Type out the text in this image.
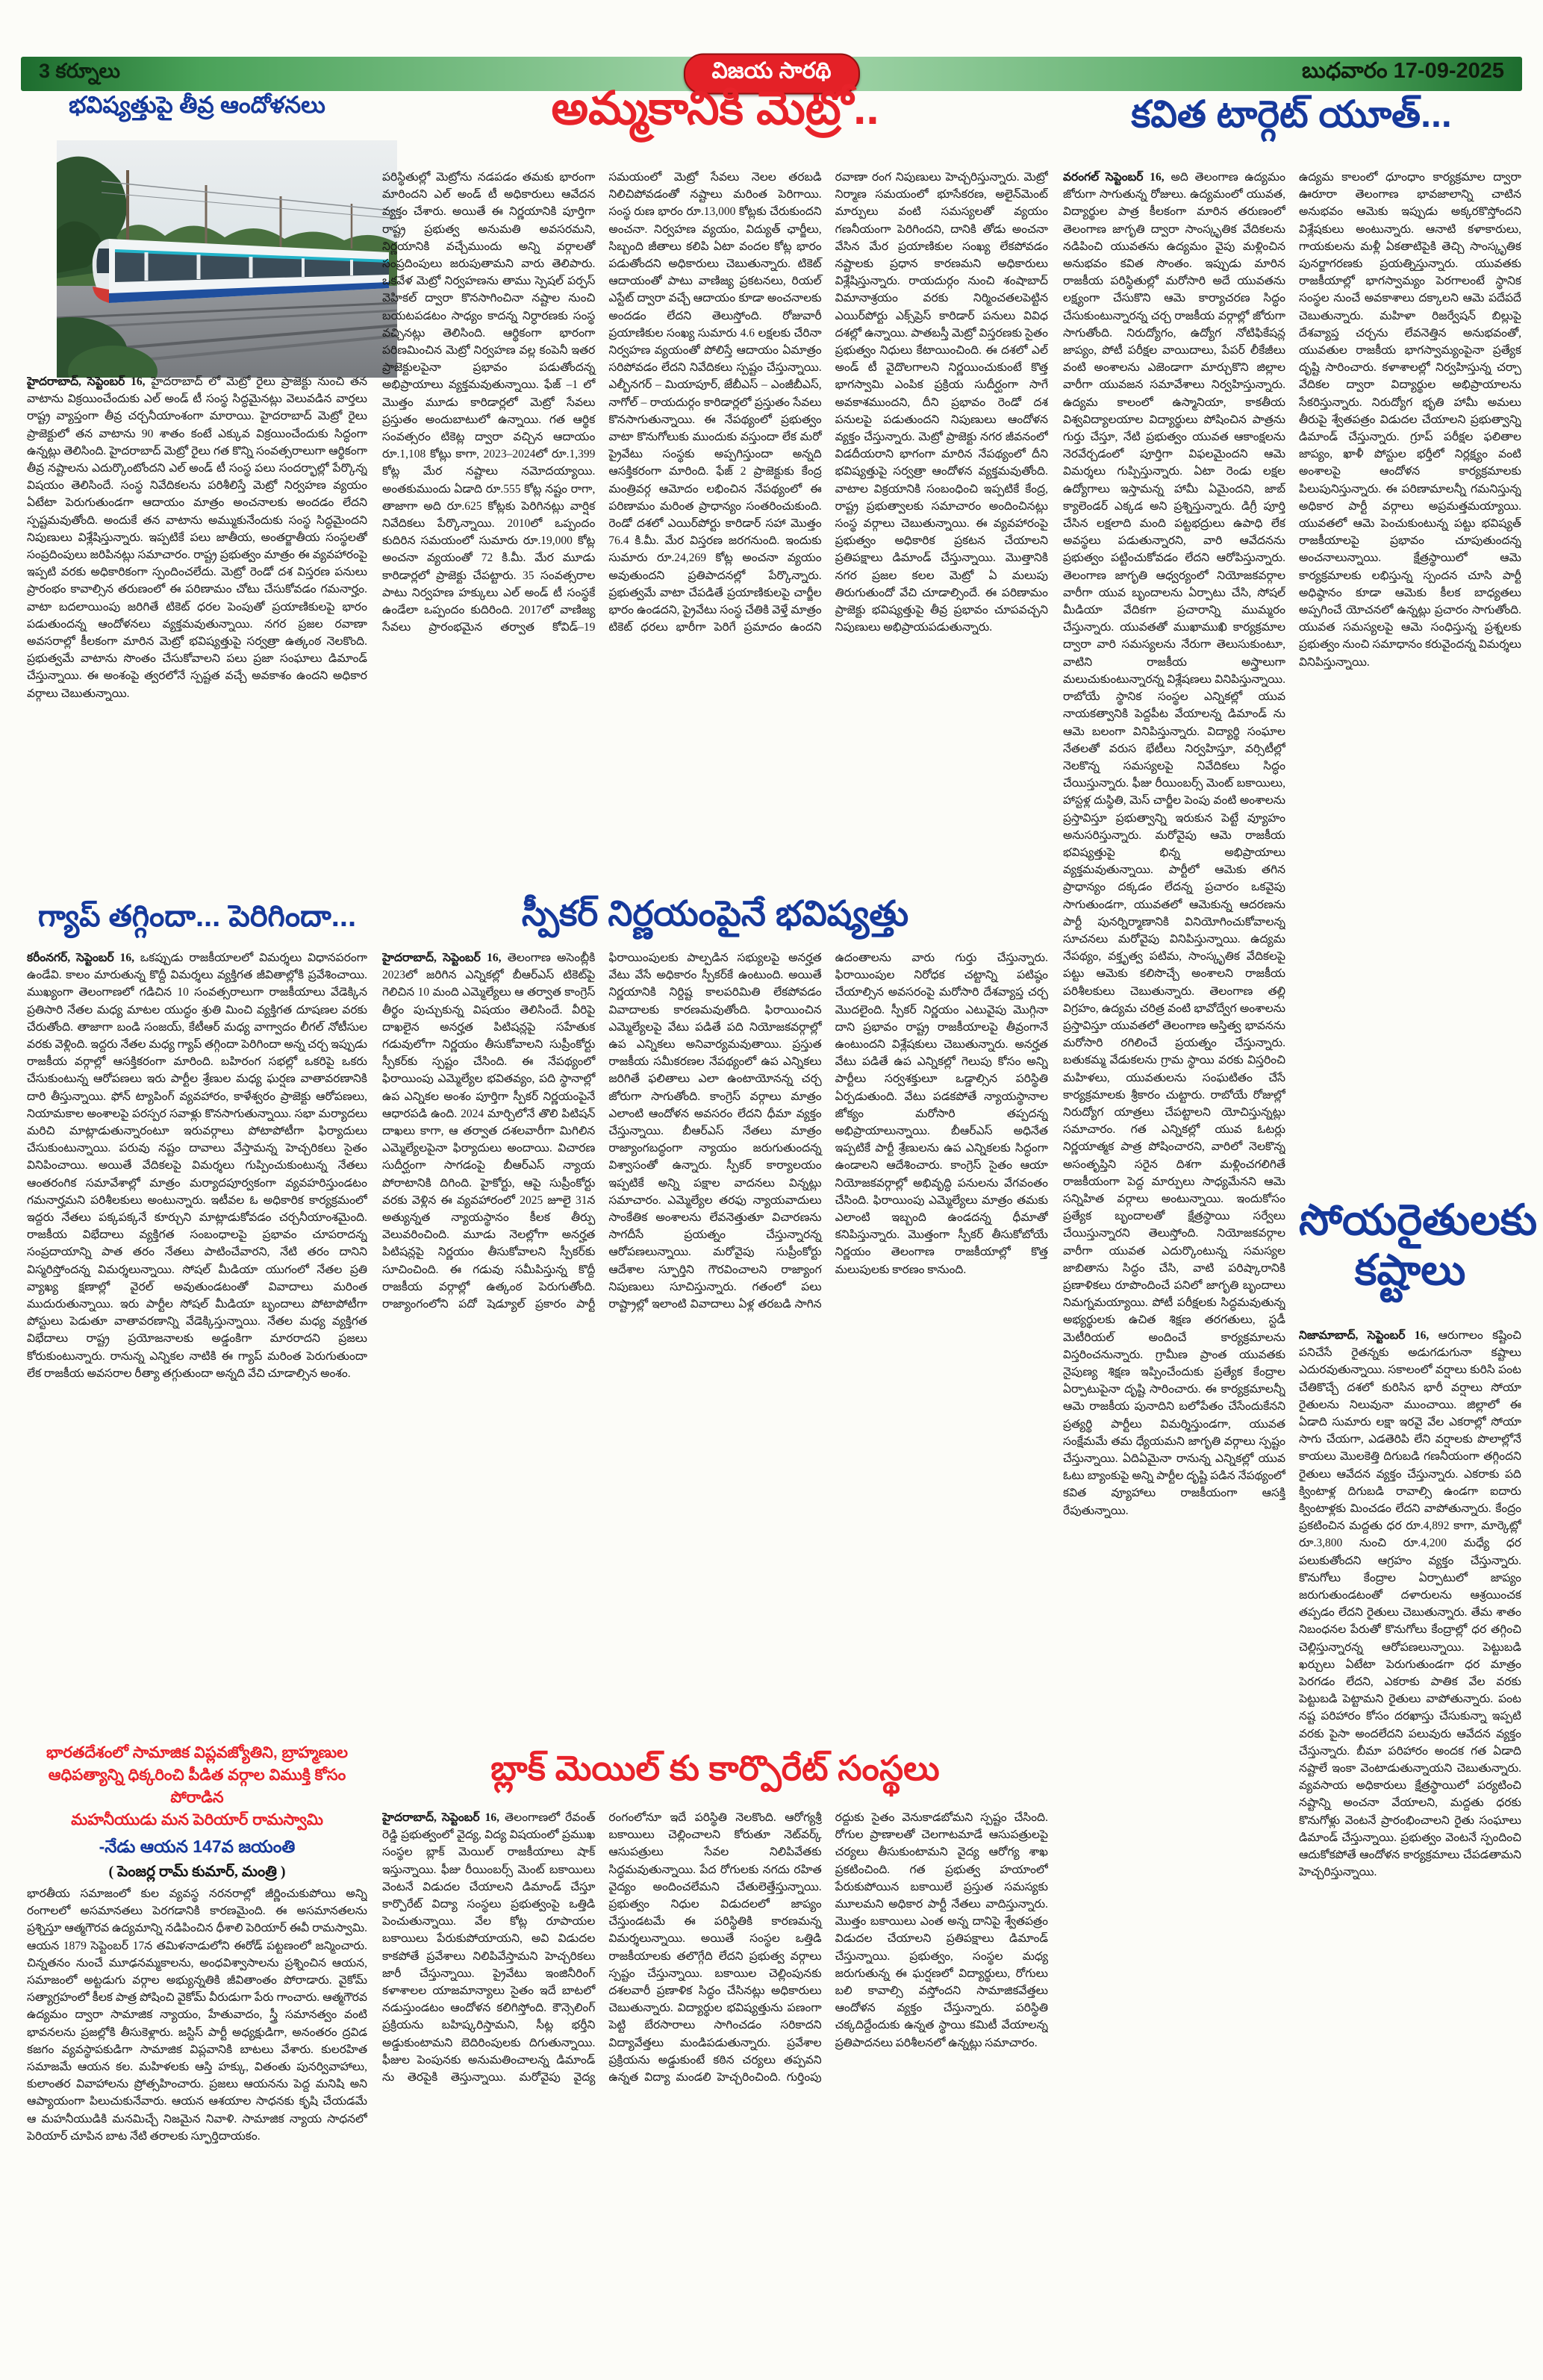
3 కర్నూలు	విజయ సారథి	బుధవారం 17-09-2025
భవిష్యత్తుపై తీవ్ర ఆందోళనలు	అమ్మకానికి మెట్రో..	కవిత టార్గెట్ యూత్...
గ్యాప్ తగ్గిందా... పెరిగిందా...	స్పీకర్ నిర్ణయంపైనే భవిష్యత్తు
బ్లాక్ మెయిల్ కు కార్పొరేట్ సంస్థలు
సోయరైతులకు కష్టాలు
హైదరాబాద్, సెప్టెంబర్ 16, హైదరాబాద్ లో మెట్రో రైలు ప్రాజెక్టు నుంచి తన వాటాను విక్రయించేందుకు ఎల్ అండ్ టీ సంస్థ సిద్ధమైనట్లు వెలువడిన వార్తలు రాష్ట్ర వ్యాప్తంగా తీవ్ర చర్చనీయాంశంగా మారాయి. హైదరాబాద్ మెట్రో రైలు ప్రాజెక్టులో తన వాటాను 90 శాతం కంటే ఎక్కువ విక్రయించేందుకు సిద్ధంగా ఉన్నట్లు తెలిసింది. హైదరాబాద్ మెట్రో రైలు గత కొన్ని సంవత్సరాలుగా ఆర్థికంగా తీవ్ర నష్టాలను ఎదుర్కొంటోందని ఎల్ అండ్ టీ సంస్థ పలు సందర్భాల్లో పేర్కొన్న విషయం తెలిసిందే. సంస్థ నివేదికలను పరిశీలిస్తే మెట్రో నిర్వహణ వ్యయం ఏటేటా పెరుగుతుండగా ఆదాయం మాత్రం అంచనాలకు అందడం లేదని స్పష్టమవుతోంది. అందుకే తన వాటాను అమ్ముకునేందుకు సంస్థ సిద్ధమైందని నిపుణులు విశ్లేషిస్తున్నారు. ఇప్పటికే పలు జాతీయ, అంతర్జాతీయ సంస్థలతో సంప్రదింపులు జరిపినట్లు సమాచారం. రాష్ట్ర ప్రభుత్వం మాత్రం ఈ వ్యవహారంపై ఇప్పటి వరకు అధికారికంగా స్పందించలేదు. మెట్రో రెండో దశ విస్తరణ పనులు ప్రారంభం కావాల్సిన తరుణంలో ఈ పరిణామం చోటు చేసుకోవడం గమనార్హం. వాటా బదలాయింపు జరిగితే టికెట్ ధరల పెంపుతో ప్రయాణికులపై భారం పడుతుందన్న ఆందోళనలు వ్యక్తమవుతున్నాయి. నగర ప్రజల రవాణా అవసరాల్లో కీలకంగా మారిన మెట్రో భవిష్యత్తుపై సర్వత్రా ఉత్కంఠ నెలకొంది. ప్రభుత్వమే వాటాను సొంతం చేసుకోవాలని పలు ప్రజా సంఘాలు డిమాండ్ చేస్తున్నాయి. ఈ అంశంపై త్వరలోనే స్పష్టత వచ్చే అవకాశం ఉందని అధికార వర్గాలు చెబుతున్నాయి.
పరిస్థితుల్లో మెట్రోను నడపడం తమకు భారంగా మారిందని ఎల్ అండ్ టీ అధికారులు ఆవేదన వ్యక్తం చేశారు. అయితే ఈ నిర్ణయానికి పూర్తిగా రాష్ట్ర ప్రభుత్వ అనుమతి అవసరమని, నిర్ణయానికి వచ్చేముందు అన్ని వర్గాలతో సంప్రదింపులు జరుపుతామని వారు తెలిపారు. ఒకవేళ మెట్రో నిర్వహణను తాము స్పెషల్ పర్పస్ వెహికల్ ద్వారా కొనసాగించినా నష్టాల నుంచి బయటపడటం సాధ్యం కాదన్న నిర్ధారణకు సంస్థ వచ్చినట్లు తెలిసింది. ఆర్థికంగా భారంగా పరిణమించిన మెట్రో నిర్వహణ వల్ల కంపెనీ ఇతర ప్రాజెక్టులపైనా ప్రభావం పడుతోందన్న అభిప్రాయాలు వ్యక్తమవుతున్నాయి. ఫేజ్ –1 లో మొత్తం మూడు కారిడార్లలో మెట్రో సేవలు ప్రస్తుతం అందుబాటులో ఉన్నాయి. గత ఆర్థిక సంవత్సరం టికెట్ల ద్వారా వచ్చిన ఆదాయం రూ.1,108 కోట్లు కాగా, 2023–2024లో రూ.1,399 కోట్ల మేర నష్టాలు నమోదయ్యాయి. అంతకుముందు ఏడాది రూ.555 కోట్ల నష్టం రాగా, తాజాగా అది రూ.625 కోట్లకు పెరిగినట్లు వార్షిక నివేదికలు పేర్కొన్నాయి. 2010లో ఒప్పందం కుదిరిన సమయంలో సుమారు రూ.19,000 కోట్ల అంచనా వ్యయంతో 72 కి.మీ. మేర మూడు కారిడార్లలో ప్రాజెక్టు చేపట్టారు. 35 సంవత్సరాల పాటు నిర్వహణ హక్కులు ఎల్ అండ్ టీ సంస్థకే ఉండేలా ఒప్పందం కుదిరింది. 2017లో వాణిజ్య సేవలు ప్రారంభమైన తర్వాత కోవిడ్–19 సమయంలో మెట్రో సేవలు నెలల తరబడి నిలిచిపోవడంతో నష్టాలు మరింత పెరిగాయి. సంస్థ రుణ భారం రూ.13,000 కోట్లకు చేరుకుందని అంచనా. నిర్వహణ వ్యయం, విద్యుత్ ఛార్జీలు, సిబ్బంది జీతాలు కలిపి ఏటా వందల కోట్ల భారం పడుతోందని అధికారులు చెబుతున్నారు. టికెట్ ఆదాయంతో పాటు వాణిజ్య ప్రకటనలు, రియల్ ఎస్టేట్ ద్వారా వచ్చే ఆదాయం కూడా అంచనాలకు అందడం లేదని తెలుస్తోంది. రోజువారీ ప్రయాణికుల సంఖ్య సుమారు 4.6 లక్షలకు చేరినా నిర్వహణ వ్యయంతో పోలిస్తే ఆదాయం ఏమాత్రం సరిపోవడం లేదని నివేదికలు స్పష్టం చేస్తున్నాయి. ఎల్బీనగర్ – మియాపూర్, జేబీఎస్ – ఎంజీబీఎస్, నాగోల్ – రాయదుర్గం కారిడార్లలో ప్రస్తుతం సేవలు కొనసాగుతున్నాయి. ఈ నేపథ్యంలో ప్రభుత్వం వాటా కొనుగోలుకు ముందుకు వస్తుందా లేక మరో ప్రైవేటు సంస్థకు అప్పగిస్తుందా అన్నది ఆసక్తికరంగా మారింది. ఫేజ్ 2 ప్రాజెక్టుకు కేంద్ర మంత్రివర్గ ఆమోదం లభించిన నేపథ్యంలో ఈ పరిణామం మరింత ప్రాధాన్యం సంతరించుకుంది. రెండో దశలో ఎయిర్‌పోర్టు కారిడార్ సహా మొత్తం 76.4 కి.మీ. మేర విస్తరణ జరగనుంది. ఇందుకు సుమారు రూ.24,269 కోట్ల అంచనా వ్యయం అవుతుందని ప్రతిపాదనల్లో పేర్కొన్నారు. ప్రభుత్వమే వాటా చేపడితే ప్రయాణికులపై చార్జీల భారం ఉండదని, ప్రైవేటు సంస్థ చేతికి వెళ్తే మాత్రం టికెట్ ధరలు భారీగా పెరిగే ప్రమాదం ఉందని రవాణా రంగ నిపుణులు హెచ్చరిస్తున్నారు. మెట్రో నిర్మాణ సమయంలో భూసేకరణ, అలైన్‌మెంట్ మార్పులు వంటి సమస్యలతో వ్యయం గణనీయంగా పెరిగిందని, దానికి తోడు అంచనా వేసిన మేర ప్రయాణికుల సంఖ్య లేకపోవడం నష్టాలకు ప్రధాన కారణమని అధికారులు విశ్లేషిస్తున్నారు. రాయదుర్గం నుంచి శంషాబాద్ విమానాశ్రయం వరకు నిర్మించతలపెట్టిన ఎయిర్‌పోర్టు ఎక్స్‌ప్రెస్ కారిడార్ పనులు వివిధ దశల్లో ఉన్నాయి. పాతబస్తీ మెట్రో విస్తరణకు సైతం ప్రభుత్వం నిధులు కేటాయించింది. ఈ దశలో ఎల్ అండ్ టీ వైదొలగాలని నిర్ణయించుకుంటే కొత్త భాగస్వామి ఎంపిక ప్రక్రియ సుదీర్ఘంగా సాగే అవకాశముందని, దీని ప్రభావం రెండో దశ పనులపై పడుతుందని నిపుణులు ఆందోళన వ్యక్తం చేస్తున్నారు. మెట్రో ప్రాజెక్టు నగర జీవనంలో విడదీయరాని భాగంగా మారిన నేపథ్యంలో దీని భవిష్యత్తుపై సర్వత్రా ఆందోళన వ్యక్తమవుతోంది. వాటాల విక్రయానికి సంబంధించి ఇప్పటికే కేంద్ర, రాష్ట్ర ప్రభుత్వాలకు సమాచారం అందించినట్లు సంస్థ వర్గాలు చెబుతున్నాయి. ఈ వ్యవహారంపై ప్రభుత్వం అధికారిక ప్రకటన చేయాలని ప్రతిపక్షాలు డిమాండ్ చేస్తున్నాయి. మొత్తానికి నగర ప్రజల కలల మెట్రో ఏ మలుపు తిరుగుతుందో వేచి చూడాల్సిందే. ఈ పరిణామం ప్రాజెక్టు భవిష్యత్తుపై తీవ్ర ప్రభావం చూపవచ్చని నిపుణులు అభిప్రాయపడుతున్నారు.
వరంగల్ సెప్టెంబర్ 16, అది తెలంగాణ ఉద్యమం జోరుగా సాగుతున్న రోజులు. ఉద్యమంలో యువత, విద్యార్థుల పాత్ర కీలకంగా మారిన తరుణంలో తెలంగాణ జాగృతి ద్వారా సాంస్కృతిక వేదికలను నడిపించి యువతను ఉద్యమం వైపు మళ్లించిన అనుభవం కవిత సొంతం. ఇప్పుడు మారిన రాజకీయ పరిస్థితుల్లో మరోసారి అదే యువతను లక్ష్యంగా చేసుకొని ఆమె కార్యాచరణ సిద్ధం చేసుకుంటున్నారన్న చర్చ రాజకీయ వర్గాల్లో జోరుగా సాగుతోంది. నిరుద్యోగం, ఉద్యోగ నోటిఫికేషన్ల జాప్యం, పోటీ పరీక్షల వాయిదాలు, పేపర్ లీకేజీలు వంటి అంశాలను ఎజెండాగా మార్చుకొని జిల్లాల వారీగా యువజన సమావేశాలు నిర్వహిస్తున్నారు. ఉద్యమ కాలంలో ఉస్మానియా, కాకతీయ విశ్వవిద్యాలయాల విద్యార్థులు పోషించిన పాత్రను గుర్తు చేస్తూ, నేటి ప్రభుత్వం యువత ఆకాంక్షలను నెరవేర్చడంలో పూర్తిగా విఫలమైందని ఆమె విమర్శలు గుప్పిస్తున్నారు. ఏటా రెండు లక్షల ఉద్యోగాలు ఇస్తామన్న హామీ ఏమైందని, జాబ్ క్యాలెండర్ ఎక్కడ అని ప్రశ్నిస్తున్నారు. డిగ్రీ పూర్తి చేసిన లక్షలాది మంది పట్టభద్రులు ఉపాధి లేక అవస్థలు పడుతున్నారని, వారి ఆవేదనను ప్రభుత్వం పట్టించుకోవడం లేదని ఆరోపిస్తున్నారు. తెలంగాణ జాగృతి ఆధ్వర్యంలో నియోజకవర్గాల వారీగా యువ బృందాలను ఏర్పాటు చేసి, సోషల్ మీడియా వేదికగా ప్రచారాన్ని ముమ్మరం చేస్తున్నారు. యువతతో ముఖాముఖి కార్యక్రమాల ద్వారా వారి సమస్యలను నేరుగా తెలుసుకుంటూ, వాటిని రాజకీయ అస్త్రాలుగా మలుచుకుంటున్నారన్న విశ్లేషణలు వినిపిస్తున్నాయి. రాబోయే స్థానిక సంస్థల ఎన్నికల్లో యువ నాయకత్వానికి పెద్దపీట వేయాలన్న డిమాండ్ ను ఆమె బలంగా వినిపిస్తున్నారు. విద్యార్థి సంఘాల నేతలతో వరుస భేటీలు నిర్వహిస్తూ, వర్సిటీల్లో నెలకొన్న సమస్యలపై నివేదికలు సిద్ధం చేయిస్తున్నారు. ఫీజు రీయింబర్స్ మెంట్ బకాయిలు, హాస్టళ్ల దుస్థితి, మెస్ చార్జీల పెంపు వంటి అంశాలను ప్రస్తావిస్తూ ప్రభుత్వాన్ని ఇరుకున పెట్టే వ్యూహం అనుసరిస్తున్నారు. మరోవైపు ఆమె రాజకీయ భవిష్యత్తుపై భిన్న అభిప్రాయాలు వ్యక్తమవుతున్నాయి. పార్టీలో ఆమెకు తగిన ప్రాధాన్యం దక్కడం లేదన్న ప్రచారం ఒకవైపు సాగుతుండగా, యువతలో ఆమెకున్న ఆదరణను పార్టీ పునర్నిర్మాణానికి వినియోగించుకోవాలన్న సూచనలు మరోవైపు వినిపిస్తున్నాయి. ఉద్యమ నేపథ్యం, వక్తృత్వ పటిమ, సాంస్కృతిక వేదికలపై పట్టు ఆమెకు కలిసొచ్చే అంశాలని రాజకీయ పరిశీలకులు చెబుతున్నారు. తెలంగాణ తల్లి విగ్రహం, ఉద్యమ చరిత్ర వంటి భావోద్వేగ అంశాలను ప్రస్తావిస్తూ యువతలో తెలంగాణ అస్తిత్వ భావనను మరోసారి రగిలించే ప్రయత్నం చేస్తున్నారు. బతుకమ్మ వేడుకలను గ్రామ స్థాయి వరకు విస్తరించి మహిళలు, యువతులను సంఘటితం చేసే కార్యక్రమాలకు శ్రీకారం చుట్టారు. రాబోయే రోజుల్లో నిరుద్యోగ యాత్రలు చేపట్టాలని యోచిస్తున్నట్లు సమాచారం. గత ఎన్నికల్లో యువ ఓటర్లు నిర్ణయాత్మక పాత్ర పోషించారని, వారిలో నెలకొన్న అసంతృప్తిని సరైన దిశగా మళ్లించగలిగితే రాజకీయంగా పెద్ద మార్పులు సాధ్యమేనని ఆమె సన్నిహిత వర్గాలు అంటున్నాయి. ఇందుకోసం ప్రత్యేక బృందాలతో క్షేత్రస్థాయి సర్వేలు చేయిస్తున్నారని తెలుస్తోంది. నియోజకవర్గాల వారీగా యువత ఎదుర్కొంటున్న సమస్యల జాబితాను సిద్ధం చేసి, వాటి పరిష్కారానికి ప్రణాళికలు రూపొందించే పనిలో జాగృతి బృందాలు నిమగ్నమయ్యాయి. పోటీ పరీక్షలకు సిద్ధమవుతున్న అభ్యర్థులకు ఉచిత శిక్షణ తరగతులు, స్టడీ మెటీరియల్ అందించే కార్యక్రమాలను విస్తరించనున్నారు. గ్రామీణ ప్రాంత యువతకు నైపుణ్య శిక్షణ ఇప్పించేందుకు ప్రత్యేక కేంద్రాల ఏర్పాటుపైనా దృష్టి సారించారు. ఈ కార్యక్రమాలన్నీ ఆమె రాజకీయ పునాదిని బలోపేతం చేసేందుకేనని ప్రత్యర్థి పార్టీలు విమర్శిస్తుండగా, యువత సంక్షేమమే తమ ధ్యేయమని జాగృతి వర్గాలు స్పష్టం చేస్తున్నాయి. ఏదిఏమైనా రానున్న ఎన్నికల్లో యువ ఓటు బ్యాంకుపై అన్ని పార్టీల దృష్టి పడిన నేపథ్యంలో కవిత వ్యూహాలు రాజకీయంగా ఆసక్తి రేపుతున్నాయి.
ఉద్యమ కాలంలో ధూంధాం కార్యక్రమాల ద్వారా ఊరూరా తెలంగాణ భావజాలాన్ని చాటిన అనుభవం ఆమెకు ఇప్పుడు అక్కరకొస్తోందని విశ్లేషకులు అంటున్నారు. ఆనాటి కళాకారులు, గాయకులను మళ్లీ ఏకతాటిపైకి తెచ్చి సాంస్కృతిక పునర్జాగరణకు ప్రయత్నిస్తున్నారు. యువతకు రాజకీయాల్లో భాగస్వామ్యం పెరగాలంటే స్థానిక సంస్థల నుంచే అవకాశాలు దక్కాలని ఆమె పదేపదే చెబుతున్నారు. మహిళా రిజర్వేషన్ బిల్లుపై దేశవ్యాప్త చర్చను లేవనెత్తిన అనుభవంతో, యువతుల రాజకీయ భాగస్వామ్యంపైనా ప్రత్యేక దృష్టి సారించారు. కళాశాలల్లో నిర్వహిస్తున్న చర్చా వేదికల ద్వారా విద్యార్థుల అభిప్రాయాలను సేకరిస్తున్నారు. నిరుద్యోగ భృతి హామీ అమలు తీరుపై శ్వేతపత్రం విడుదల చేయాలని ప్రభుత్వాన్ని డిమాండ్ చేస్తున్నారు. గ్రూప్ పరీక్షల ఫలితాల జాప్యం, ఖాళీ పోస్టుల భర్తీలో నిర్లక్ష్యం వంటి అంశాలపై ఆందోళన కార్యక్రమాలకు పిలుపునిస్తున్నారు. ఈ పరిణామాలన్నీ గమనిస్తున్న అధికార పార్టీ వర్గాలు అప్రమత్తమయ్యాయి. యువతలో ఆమె పెంచుకుంటున్న పట్టు భవిష్యత్ రాజకీయాలపై ప్రభావం చూపుతుందన్న అంచనాలున్నాయి. క్షేత్రస్థాయిలో ఆమె కార్యక్రమాలకు లభిస్తున్న స్పందన చూసి పార్టీ అధిష్ఠానం కూడా ఆమెకు కీలక బాధ్యతలు అప్పగించే యోచనలో ఉన్నట్లు ప్రచారం సాగుతోంది. యువత సమస్యలపై ఆమె సంధిస్తున్న ప్రశ్నలకు ప్రభుత్వం నుంచి సమాధానం కరువైందన్న విమర్శలు వినిపిస్తున్నాయి.
కరీంనగర్, సెప్టెంబర్ 16, ఒకప్పుడు రాజకీయాలలో విమర్శలు విధానపరంగా ఉండేవి. కాలం మారుతున్న కొద్దీ విమర్శలు వ్యక్తిగత జీవితాల్లోకి ప్రవేశించాయి. ముఖ్యంగా తెలంగాణలో గడిచిన 10 సంవత్సరాలుగా రాజకీయాలు వేడెక్కిన ప్రతిసారి నేతల మధ్య మాటల యుద్ధం శ్రుతి మించి వ్యక్తిగత దూషణల వరకు చేరుతోంది. తాజాగా బండి సంజయ్, కేటీఆర్ మధ్య వాగ్వాదం లీగల్ నోటీసుల వరకు వెళ్లింది. ఇద్దరు నేతల మధ్య గ్యాప్ తగ్గిందా పెరిగిందా అన్న చర్చ ఇప్పుడు రాజకీయ వర్గాల్లో ఆసక్తికరంగా మారింది. బహిరంగ సభల్లో ఒకరిపై ఒకరు చేసుకుంటున్న ఆరోపణలు ఇరు పార్టీల శ్రేణుల మధ్య ఘర్షణ వాతావరణానికి దారి తీస్తున్నాయి. ఫోన్ ట్యాపింగ్ వ్యవహారం, కాళేశ్వరం ప్రాజెక్టు ఆరోపణలు, నియామకాల అంశాలపై పరస్పర సవాళ్లు కొనసాగుతున్నాయి. సభా మర్యాదలు మరిచి మాట్లాడుతున్నారంటూ ఇరువర్గాలు పోటాపోటీగా ఫిర్యాదులు చేసుకుంటున్నాయి. పరువు నష్టం దావాలు వేస్తామన్న హెచ్చరికలు సైతం వినిపించాయి. అయితే వేదికలపై విమర్శలు గుప్పించుకుంటున్న నేతలు ఆంతరంగిక సమావేశాల్లో మాత్రం మర్యాదపూర్వకంగా వ్యవహరిస్తుండటం గమనార్హమని పరిశీలకులు అంటున్నారు. ఇటీవల ఓ అధికారిక కార్యక్రమంలో ఇద్దరు నేతలు పక్కపక్కనే కూర్చుని మాట్లాడుకోవడం చర్చనీయాంశమైంది. రాజకీయ విభేదాలు వ్యక్తిగత సంబంధాలపై ప్రభావం చూపరాదన్న సంప్రదాయాన్ని పాత తరం నేతలు పాటించేవారని, నేటి తరం దానిని విస్మరిస్తోందన్న విమర్శలున్నాయి. సోషల్ మీడియా యుగంలో నేతల ప్రతి వ్యాఖ్య క్షణాల్లో వైరల్ అవుతుండటంతో వివాదాలు మరింత ముదురుతున్నాయి. ఇరు పార్టీల సోషల్ మీడియా బృందాలు పోటాపోటీగా పోస్టులు పెడుతూ వాతావరణాన్ని వేడెక్కిస్తున్నాయి. నేతల మధ్య వ్యక్తిగత విభేదాలు రాష్ట్ర ప్రయోజనాలకు అడ్డంకిగా మారరాదని ప్రజలు కోరుకుంటున్నారు. రానున్న ఎన్నికల నాటికి ఈ గ్యాప్ మరింత పెరుగుతుందా లేక రాజకీయ అవసరాల రీత్యా తగ్గుతుందా అన్నది వేచి చూడాల్సిన అంశం.
హైదరాబాద్, సెప్టెంబర్ 16, తెలంగాణ అసెంబ్లీకి 2023లో జరిగిన ఎన్నికల్లో బీఆర్ఎస్ టికెట్‌పై గెలిచిన 10 మంది ఎమ్మెల్యేలు ఆ తర్వాత కాంగ్రెస్ తీర్థం పుచ్చుకున్న విషయం తెలిసిందే. వీరిపై దాఖలైన అనర్హత పిటిషన్లపై సహేతుక గడువులోగా నిర్ణయం తీసుకోవాలని సుప్రీంకోర్టు స్పీకర్‌కు స్పష్టం చేసింది. ఈ నేపథ్యంలో ఫిరాయింపు ఎమ్మెల్యేల భవితవ్యం, పది స్థానాల్లో ఉప ఎన్నికల అంశం పూర్తిగా స్పీకర్ నిర్ణయంపైనే ఆధారపడి ఉంది. 2024 మార్చిలోనే తొలి పిటిషన్ దాఖలు కాగా, ఆ తర్వాత దశలవారీగా మిగిలిన ఎమ్మెల్యేలపైనా ఫిర్యాదులు అందాయి. విచారణ సుదీర్ఘంగా సాగడంపై బీఆర్ఎస్ న్యాయ పోరాటానికి దిగింది. హైకోర్టు, ఆపై సుప్రీంకోర్టు వరకు వెళ్లిన ఈ వ్యవహారంలో 2025 జూలై 31న అత్యున్నత న్యాయస్థానం కీలక తీర్పు వెలువరించింది. మూడు నెలల్లోగా అనర్హత పిటిషన్లపై నిర్ణయం తీసుకోవాలని స్పీకర్‌కు సూచించింది. ఈ గడువు సమీపిస్తున్న కొద్దీ రాజకీయ వర్గాల్లో ఉత్కంఠ పెరుగుతోంది. రాజ్యాంగంలోని పదో షెడ్యూల్ ప్రకారం పార్టీ ఫిరాయింపులకు పాల్పడిన సభ్యులపై అనర్హత వేటు వేసే అధికారం స్పీకర్‌కే ఉంటుంది. అయితే నిర్ణయానికి నిర్దిష్ట కాలపరిమితి లేకపోవడం వివాదాలకు కారణమవుతోంది. ఫిరాయించిన ఎమ్మెల్యేలపై వేటు పడితే పది నియోజకవర్గాల్లో ఉప ఎన్నికలు అనివార్యమవుతాయి. ప్రస్తుత రాజకీయ సమీకరణల నేపథ్యంలో ఉప ఎన్నికలు జరిగితే ఫలితాలు ఎలా ఉంటాయోనన్న చర్చ జోరుగా సాగుతోంది. కాంగ్రెస్ వర్గాలు మాత్రం ఎలాంటి ఆందోళన అవసరం లేదని ధీమా వ్యక్తం చేస్తున్నాయి. బీఆర్ఎస్ నేతలు మాత్రం రాజ్యాంగబద్ధంగా న్యాయం జరుగుతుందన్న విశ్వాసంతో ఉన్నారు. స్పీకర్ కార్యాలయం ఇప్పటికే అన్ని పక్షాల వాదనలు విన్నట్లు సమాచారం. ఎమ్మెల్యేల తరఫు న్యాయవాదులు సాంకేతిక అంశాలను లేవనెత్తుతూ విచారణను సాగదీసే ప్రయత్నం చేస్తున్నారన్న ఆరోపణలున్నాయి. మరోవైపు సుప్రీంకోర్టు ఆదేశాల స్ఫూర్తిని గౌరవించాలని రాజ్యాంగ నిపుణులు సూచిస్తున్నారు. గతంలో పలు రాష్ట్రాల్లో ఇలాంటి వివాదాలు ఏళ్ల తరబడి సాగిన ఉదంతాలను వారు గుర్తు చేస్తున్నారు. ఫిరాయింపుల నిరోధక చట్టాన్ని పటిష్ఠం చేయాల్సిన అవసరంపై మరోసారి దేశవ్యాప్త చర్చ మొదలైంది. స్పీకర్ నిర్ణయం ఎటువైపు మొగ్గినా దాని ప్రభావం రాష్ట్ర రాజకీయాలపై తీవ్రంగానే ఉంటుందని విశ్లేషకులు చెబుతున్నారు. అనర్హత వేటు పడితే ఉప ఎన్నికల్లో గెలుపు కోసం అన్ని పార్టీలు సర్వశక్తులూ ఒడ్డాల్సిన పరిస్థితి ఏర్పడుతుంది. వేటు పడకపోతే న్యాయస్థానాల జోక్యం మరోసారి తప్పదన్న అభిప్రాయాలున్నాయి. బీఆర్ఎస్ అధినేత ఇప్పటికే పార్టీ శ్రేణులను ఉప ఎన్నికలకు సిద్ధంగా ఉండాలని ఆదేశించారు. కాంగ్రెస్ సైతం ఆయా నియోజకవర్గాల్లో అభివృద్ధి పనులను వేగవంతం చేసింది. ఫిరాయింపు ఎమ్మెల్యేలు మాత్రం తమకు ఎలాంటి ఇబ్బంది ఉండదన్న ధీమాతో కనిపిస్తున్నారు. మొత్తంగా స్పీకర్ తీసుకోబోయే నిర్ణయం తెలంగాణ రాజకీయాల్లో కొత్త మలుపులకు కారణం కానుంది.
హైదరాబాద్, సెప్టెంబర్ 16, తెలంగాణలో రేవంత్ రెడ్డి ప్రభుత్వంలో వైద్య, విద్య విషయంలో ప్రముఖ సంస్థల బ్లాక్ మెయిల్ రాజకీయాలు షాక్ ఇస్తున్నాయి. ఫీజు రీయింబర్స్ మెంట్ బకాయిలు వెంటనే విడుదల చేయాలని డిమాండ్ చేస్తూ కార్పొరేట్ విద్యా సంస్థలు ప్రభుత్వంపై ఒత్తిడి పెంచుతున్నాయి. వేల కోట్ల రూపాయల బకాయిలు పేరుకుపోయాయని, అవి విడుదల కాకపోతే ప్రవేశాలు నిలిపివేస్తామని హెచ్చరికలు జారీ చేస్తున్నాయి. ప్రైవేటు ఇంజినీరింగ్ కళాశాలల యాజమాన్యాలు సైతం ఇదే బాటలో నడుస్తుండటం ఆందోళన కలిగిస్తోంది. కౌన్సెలింగ్ ప్రక్రియను బహిష్కరిస్తామని, సీట్ల భర్తీని అడ్డుకుంటామని బెదిరింపులకు దిగుతున్నాయి. ఫీజుల పెంపునకు అనుమతించాలన్న డిమాండ్ ను తెరపైకి తెస్తున్నాయి. మరోవైపు వైద్య రంగంలోనూ ఇదే పరిస్థితి నెలకొంది. ఆరోగ్యశ్రీ బకాయిలు చెల్లించాలని కోరుతూ నెట్‌వర్క్ ఆసుపత్రులు సేవల నిలిపివేతకు సిద్ధమవుతున్నాయి. పేద రోగులకు నగదు రహిత వైద్యం అందించలేమని చేతులెత్తేస్తున్నాయి. ప్రభుత్వం నిధుల విడుదలలో జాప్యం చేస్తుండటమే ఈ పరిస్థితికి కారణమన్న విమర్శలున్నాయి. అయితే సంస్థల ఒత్తిడి రాజకీయాలకు తలొగ్గేది లేదని ప్రభుత్వ వర్గాలు స్పష్టం చేస్తున్నాయి. బకాయిల చెల్లింపునకు దశలవారీ ప్రణాళిక సిద్ధం చేసినట్లు అధికారులు చెబుతున్నారు. విద్యార్థుల భవిష్యత్తును పణంగా పెట్టి బేరసారాలు సాగించడం సరికాదని విద్యావేత్తలు మండిపడుతున్నారు. ప్రవేశాల ప్రక్రియను అడ్డుకుంటే కఠిన చర్యలు తప్పవని ఉన్నత విద్యా మండలి హెచ్చరించింది. గుర్తింపు రద్దుకు సైతం వెనుకాడబోమని స్పష్టం చేసింది. రోగుల ప్రాణాలతో చెలగాటమాడే ఆసుపత్రులపై చర్యలు తీసుకుంటామని వైద్య ఆరోగ్య శాఖ ప్రకటించింది. గత ప్రభుత్వ హయాంలో పేరుకుపోయిన బకాయిలే ప్రస్తుత సమస్యకు మూలమని అధికార పార్టీ నేతలు వాదిస్తున్నారు. మొత్తం బకాయిలు ఎంత అన్న దానిపై శ్వేతపత్రం విడుదల చేయాలని ప్రతిపక్షాలు డిమాండ్ చేస్తున్నాయి. ప్రభుత్వం, సంస్థల మధ్య జరుగుతున్న ఈ ఘర్షణలో విద్యార్థులు, రోగులు బలి కావాల్సి వస్తోందని సామాజికవేత్తలు ఆందోళన వ్యక్తం చేస్తున్నారు. పరిస్థితి చక్కదిద్దేందుకు ఉన్నత స్థాయి కమిటీ వేయాలన్న ప్రతిపాదనలు పరిశీలనలో ఉన్నట్లు సమాచారం.
నిజామాబాద్, సెప్టెంబర్ 16, ఆరుగాలం కష్టించి పనిచేసే రైతన్నకు అడుగడుగునా కష్టాలు ఎదురవుతున్నాయి. సకాలంలో వర్షాలు కురిసి పంట చేతికొచ్చే దశలో కురిసిన భారీ వర్షాలు సోయా రైతులను నిలువునా ముంచాయి. జిల్లాలో ఈ ఏడాది సుమారు లక్షా ఇరవై వేల ఎకరాల్లో సోయా సాగు చేయగా, ఎడతెరిపి లేని వర్షాలకు పొలాల్లోనే కాయలు మొలకెత్తి దిగుబడి గణనీయంగా తగ్గిందని రైతులు ఆవేదన వ్యక్తం చేస్తున్నారు. ఎకరాకు పది క్వింటాళ్ల దిగుబడి రావాల్సి ఉండగా ఐదారు క్వింటాళ్లకు మించడం లేదని వాపోతున్నారు. కేంద్రం ప్రకటించిన మద్దతు ధర రూ.4,892 కాగా, మార్కెట్లో రూ.3,800 నుంచి రూ.4,200 మధ్యే ధర పలుకుతోందని ఆగ్రహం వ్యక్తం చేస్తున్నారు. కొనుగోలు కేంద్రాల ఏర్పాటులో జాప్యం జరుగుతుండటంతో దళారులను ఆశ్రయించక తప్పడం లేదని రైతులు చెబుతున్నారు. తేమ శాతం నిబంధనల పేరుతో కొనుగోలు కేంద్రాల్లో ధర తగ్గించి చెల్లిస్తున్నారన్న ఆరోపణలున్నాయి. పెట్టుబడి ఖర్చులు ఏటేటా పెరుగుతుండగా ధర మాత్రం పెరగడం లేదని, ఎకరాకు పాతిక వేల వరకు పెట్టుబడి పెట్టామని రైతులు వాపోతున్నారు. పంట నష్ట పరిహారం కోసం దరఖాస్తు చేసుకున్నా ఇప్పటి వరకు పైసా అందలేదని పలువురు ఆవేదన వ్యక్తం చేస్తున్నారు. బీమా పరిహారం అందక గత ఏడాది నష్టాలే ఇంకా వెంటాడుతున్నాయని చెబుతున్నారు. వ్యవసాయ అధికారులు క్షేత్రస్థాయిలో పర్యటించి నష్టాన్ని అంచనా వేయాలని, మద్దతు ధరకు కొనుగోళ్లు వెంటనే ప్రారంభించాలని రైతు సంఘాలు డిమాండ్ చేస్తున్నాయి. ప్రభుత్వం వెంటనే స్పందించి ఆదుకోకపోతే ఆందోళన కార్యక్రమాలు చేపడతామని హెచ్చరిస్తున్నాయి.

భారతదేశంలో సామాజిక విప్లవజ్యోతిని, బ్రాహ్మణుల

ఆధిపత్యాన్ని ధిక్కరించి పీడిత వర్గాల విముక్తి కోసం పోరాడిన

మహనీయుడు మన పెరియార్ రామస్వామి

-నేడు ఆయన 147వ జయంతి

( పెంజర్ల రామ్ కుమార్, మంత్రి )

భారతీయ సమాజంలో కుల వ్యవస్థ నరనరాల్లో జీర్ణించుకుపోయి అన్ని రంగాలలో అసమానతలు పెరగడానికి కారణమైంది. ఈ అసమానతలను ప్రశ్నిస్తూ ఆత్మగౌరవ ఉద్యమాన్ని నడిపించిన ధీశాలి పెరియార్ ఈవీ రామస్వామి. ఆయన 1879 సెప్టెంబర్ 17న తమిళనాడులోని ఈరోడ్ పట్టణంలో జన్మించారు. చిన్నతనం నుంచే మూఢనమ్మకాలను, అంధవిశ్వాసాలను ప్రశ్నించిన ఆయన, సమాజంలో అట్టడుగు వర్గాల అభ్యున్నతికి జీవితాంతం పోరాడారు. వైకోమ్ సత్యాగ్రహంలో కీలక పాత్ర పోషించి వైకోమ్ వీరుడుగా పేరు గాంచారు. ఆత్మగౌరవ ఉద్యమం ద్వారా సామాజిక న్యాయం, హేతువాదం, స్త్రీ సమానత్వం వంటి భావనలను ప్రజల్లోకి తీసుకెళ్లారు. జస్టిస్ పార్టీ అధ్యక్షుడిగా, అనంతరం ద్రవిడ కజగం వ్యవస్థాపకుడిగా సామాజిక విప్లవానికి బాటలు వేశారు. కులరహిత సమాజమే ఆయన కల. మహిళలకు ఆస్తి హక్కు, వితంతు పునర్వివాహాలు, కులాంతర వివాహాలను ప్రోత్సహించారు. ప్రజలు ఆయనను పెద్ద మనిషి అని ఆప్యాయంగా పిలుచుకునేవారు. ఆయన ఆశయాల సాధనకు కృషి చేయడమే ఆ మహనీయుడికి మనమిచ్చే నిజమైన నివాళి. సామాజిక న్యాయ సాధనలో పెరియార్ చూపిన బాట నేటి తరాలకు స్ఫూర్తిదాయకం.
